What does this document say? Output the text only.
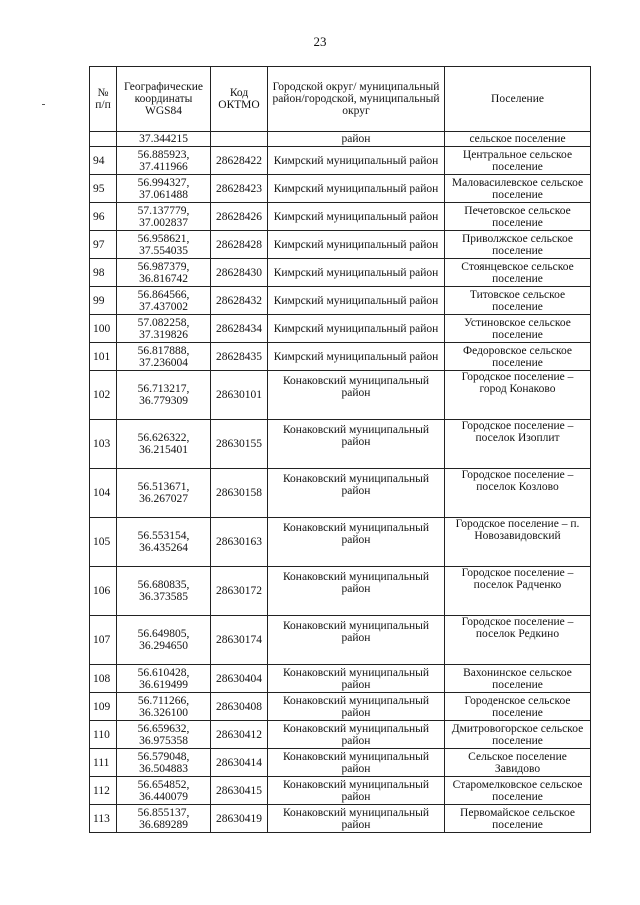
23
№ п/п	Географические координаты WGS84	Код ОКТМО	Городской округ/ муниципальный район/городской, муниципальный округ	Поселение
	37.344215		район	сельское поселение
94	56.885923, 37.411966	28628422	Кимрский муниципальный район	Центральное сельское поселение
95	56.994327, 37.061488	28628423	Кимрский муниципальный район	Маловасилевское сельское поселение
96	57.137779, 37.002837	28628426	Кимрский муниципальный район	Печетовское сельское поселение
97	56.958621, 37.554035	28628428	Кимрский муниципальный район	Приволжское сельское поселение
98	56.987379, 36.816742	28628430	Кимрский муниципальный район	Стоянцевское сельское поселение
99	56.864566, 37.437002	28628432	Кимрский муниципальный район	Титовское сельское поселение
100	57.082258, 37.319826	28628434	Кимрский муниципальный район	Устиновское сельское поселение
101	56.817888, 37.236004	28628435	Кимрский муниципальный район	Федоровское сельское поселение
102	56.713217, 36.779309	28630101	Конаковский муниципальный район	Городское поселение – город Конаково
103	56.626322, 36.215401	28630155	Конаковский муниципальный район	Городское поселение – поселок Изоплит
104	56.513671, 36.267027	28630158	Конаковский муниципальный район	Городское поселение – поселок Козлово
105	56.553154, 36.435264	28630163	Конаковский муниципальный район	Городское поселение – п. Новозавидовский
106	56.680835, 36.373585	28630172	Конаковский муниципальный район	Городское поселение – поселок Радченко
107	56.649805, 36.294650	28630174	Конаковский муниципальный район	Городское поселение – поселок Редкино
108	56.610428, 36.619499	28630404	Конаковский муниципальный район	Вахонинское сельское поселение
109	56.711266, 36.326100	28630408	Конаковский муниципальный район	Городенское сельское поселение
110	56.659632, 36.975358	28630412	Конаковский муниципальный район	Дмитровогорское сельское поселение
111	56.579048, 36.504883	28630414	Конаковский муниципальный район	Сельское поселение Завидово
112	56.654852, 36.440079	28630415	Конаковский муниципальный район	Старомелковское сельское поселение
113	56.855137, 36.689289	28630419	Конаковский муниципальный район	Первомайское сельское поселение
